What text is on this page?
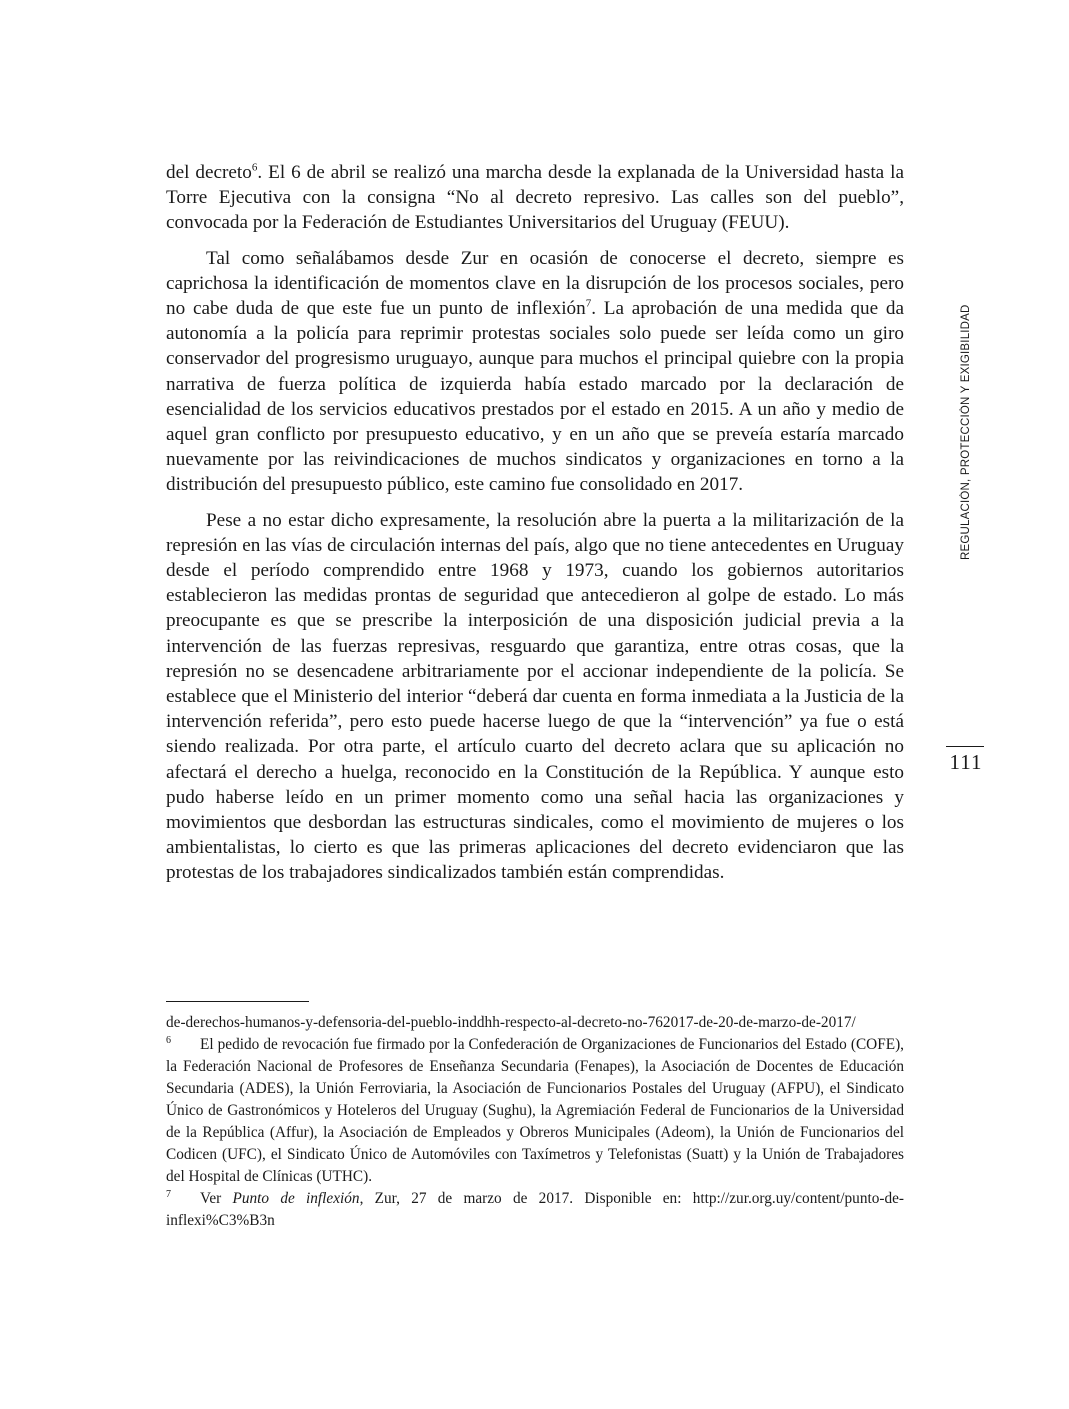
del decreto$^6$. El 6 de abril se realizó una marcha desde la explanada de la Universidad hasta la Torre Ejecutiva con la consigna “No al decreto represivo. Las calles son del pueblo”, convocada por la Federación de Estudiantes Universitarios del Uruguay (FEUU).

Tal como señalábamos desde Zur en ocasión de conocerse el decreto, siempre es caprichosa la identificación de momentos clave en la disrupción de los procesos sociales, pero no cabe duda de que este fue un punto de inflexión$^7$. La aprobación de una medida que da autonomía a la policía para reprimir protestas sociales solo puede ser leída como un giro conservador del progresismo uruguayo, aunque para muchos el principal quiebre con la propia narrativa de fuerza política de izquierda había estado marcado por la declaración de esencialidad de los servicios educativos prestados por el estado en 2015. A un año y medio de aquel gran conflicto por presupuesto educativo, y en un año que se preveía estaría marcado nuevamente por las reivindicaciones de muchos sindicatos y organizaciones en torno a la distribución del presupuesto público, este camino fue consolidado en 2017.

Pese a no estar dicho expresamente, la resolución abre la puerta a la militarización de la represión en las vías de circulación internas del país, algo que no tiene antecedentes en Uruguay desde el período comprendido entre 1968 y 1973, cuando los gobiernos autoritarios establecieron las medidas prontas de seguridad que antecedieron al golpe de estado. Lo más preocupante es que se prescribe la interposición de una disposición judicial previa a la intervención de las fuerzas represivas, resguardo que garantiza, entre otras cosas, que la represión no se desencadene arbitrariamente por el accionar independiente de la policía. Se establece que el Ministerio del interior “deberá dar cuenta en forma inmediata a la Justicia de la intervención referida”, pero esto puede hacerse luego de que la “intervención” ya fue o está siendo realizada. Por otra parte, el artículo cuarto del decreto aclara que su aplicación no afectará el derecho a huelga, reconocido en la Constitución de la República. Y aunque esto pudo haberse leído en un primer momento como una señal hacia las organizaciones y movimientos que desbordan las estructuras sindicales, como el movimiento de mujeres o los ambientalistas, lo cierto es que las primeras aplicaciones del decreto evidenciaron que las protestas de los trabajadores sindicalizados también están comprendidas.

REGULACIÓN, PROTECCIÓN Y EXIGIBILIDAD
111

de-derechos-humanos-y-defensoria-del-pueblo-inddhh-respecto-al-decreto-no-762017-de-20-de-marzo-de-2017/

6 El pedido de revocación fue firmado por la Confederación de Organizaciones de Funcionarios del Estado (COFE), la Federación Nacional de Profesores de Enseñanza Secundaria (Fenapes), la Asociación de Docentes de Educación Secundaria (ADES), la Unión Ferroviaria, la Asociación de Funcionarios Postales del Uruguay (AFPU), el Sindicato Único de Gastronómicos y Hoteleros del Uruguay (Sughu), la Agremiación Federal de Funcionarios de la Universidad de la República (Affur), la Asociación de Empleados y Obreros Municipales (Adeom), la Unión de Funcionarios del Codicen (UFC), el Sindicato Único de Automóviles con Taxímetros y Telefonistas (Suatt) y la Unión de Trabajadores del Hospital de Clínicas (UTHC).

7 Ver Punto de inflexión, Zur, 27 de marzo de 2017. Disponible en: http://zur.org.uy/content/punto-de-inflexi%C3%B3n
